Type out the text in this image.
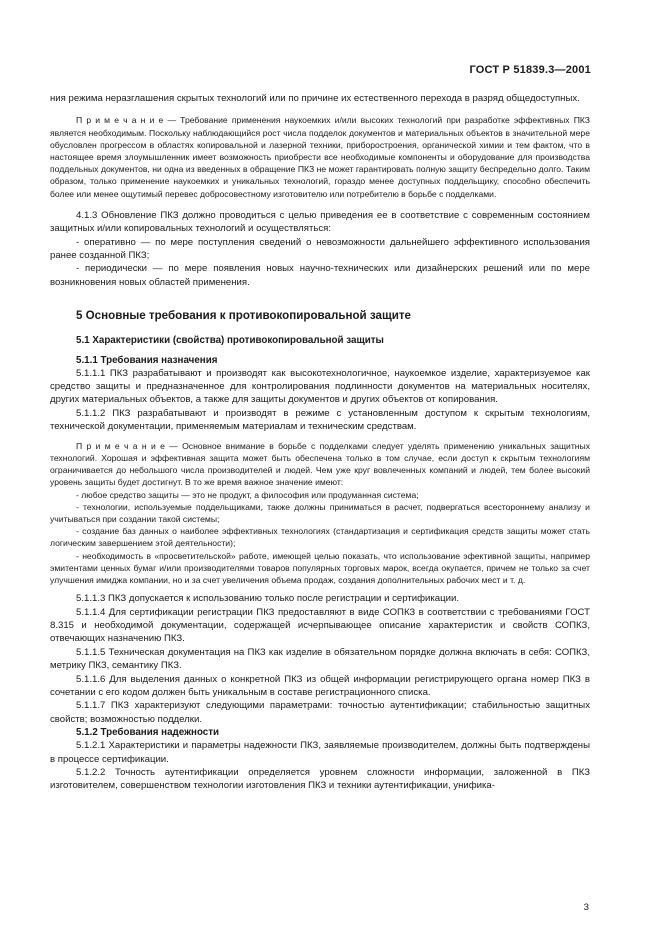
ГОСТ Р 51839.3—2001

ния режима неразглашения скрытых технологий или по причине их естественного перехода в разряд общедоступных.

П р и м е ч а н и е — Требование применения наукоемких и/или высоких технологий при разработке эффективных ПКЗ является необходимым. Поскольку наблюдающийся рост числа подделок документов и материальных объектов в значительной мере обусловлен прогрессом в областях копировальной и лазерной техники, приборостроения, органической химии и тем фактом, что в настоящее время злоумышленник имеет возможность приобрести все необходимые компоненты и оборудование для производства поддельных документов, ни одна из введенных в обращение ПКЗ не может гарантировать полную защиту беспредельно долго. Таким образом, только применение наукоемких и уникальных технологий, гораздо менее доступных поддельщику, способно обеспечить более или менее ощутимый перевес добросовестному изготовителю или потребителю в борьбе с подделками.

4.1.3 Обновление ПКЗ должно проводиться с целью приведения ее в соответствие с современным состоянием защитных и/или копировальных технологий и осуществляться:

- оперативно — по мере поступления сведений о невозможности дальнейшего эффективного использования ранее созданной ПКЗ;

- периодически — по мере появления новых научно-технических или дизайнерских решений или по мере возникновения новых областей применения.

5 Основные требования к противокопировальной защите
5.1 Характеристики (свойства) противокопировальной защиты
5.1.1 Требования назначения

5.1.1.1 ПКЗ разрабатывают и производят как высокотехнологичное, наукоемкое изделие, характеризуемое как средство защиты и предназначенное для контролирования подлинности документов на материальных носителях, других материальных объектов, а также для защиты документов и других объектов от копирования.

5.1.1.2 ПКЗ разрабатывают и производят в режиме с установленным доступом к скрытым технологиям, технической документации, применяемым материалам и техническим средствам.

П р и м е ч а н и е — Основное внимание в борьбе с подделками следует уделять применению уникальных защитных технологий. Хорошая и эффективная защита может быть обеспечена только в том случае, если доступ к скрытым технологиям ограничивается до небольшого числа производителей и людей. Чем уже круг вовлеченных компаний и людей, тем более высокий уровень защиты будет достигнут. В то же время важное значение имеют:

- любое средство защиты — это не продукт, а философия или продуманная система;

- технологии, используемые поддельщиками, также должны приниматься в расчет, подвергаться всестороннему анализу и учитываться при создании такой системы;

- создание баз данных о наиболее эффективных технологиях (стандартизация и сертификация средств защиты может стать логическим завершением этой деятельности);

- необходимость в «просветительской» работе, имеющей целью показать, что использование эфективной защиты, например эмитентами ценных бумаг и/или производителями товаров популярных торговых марок, всегда окупается, причем не только за счет улучшения имиджа компании, но и за счет увеличения объема продаж, создания дополнительных рабочих мест и т. д.

5.1.1.3 ПКЗ допускается к использованию только после регистрации и сертификации.

5.1.1.4 Для сертификации регистрации ПКЗ предоставляют в виде СОПКЗ в соответствии с требованиями ГОСТ 8.315 и необходимой документации, содержащей исчерпывающее описание характеристик и свойств СОПКЗ, отвечающих назначению ПКЗ.

5.1.1.5 Техническая документация на ПКЗ как изделие в обязательном порядке должна включать в себя: СОПКЗ, метрику ПКЗ, семантику ПКЗ.

5.1.1.6 Для выделения данных о конкретной ПКЗ из общей информации регистрирующего органа номер ПКЗ в сочетании с его кодом должен быть уникальным в составе регистрационного списка.

5.1.1.7 ПКЗ характеризуют следующими параметрами: точностью аутентификации; стабильностью защитных свойств; возможностью подделки.

5.1.2 Требования надежности

5.1.2.1 Характеристики и параметры надежности ПКЗ, заявляемые производителем, должны быть подтверждены в процессе сертификации.

5.1.2.2 Точность аутентификации определяется уровнем сложности информации, заложенной в ПКЗ изготовителем, совершенством технологии изготовления ПКЗ и техники аутентификации, унифика-

3
